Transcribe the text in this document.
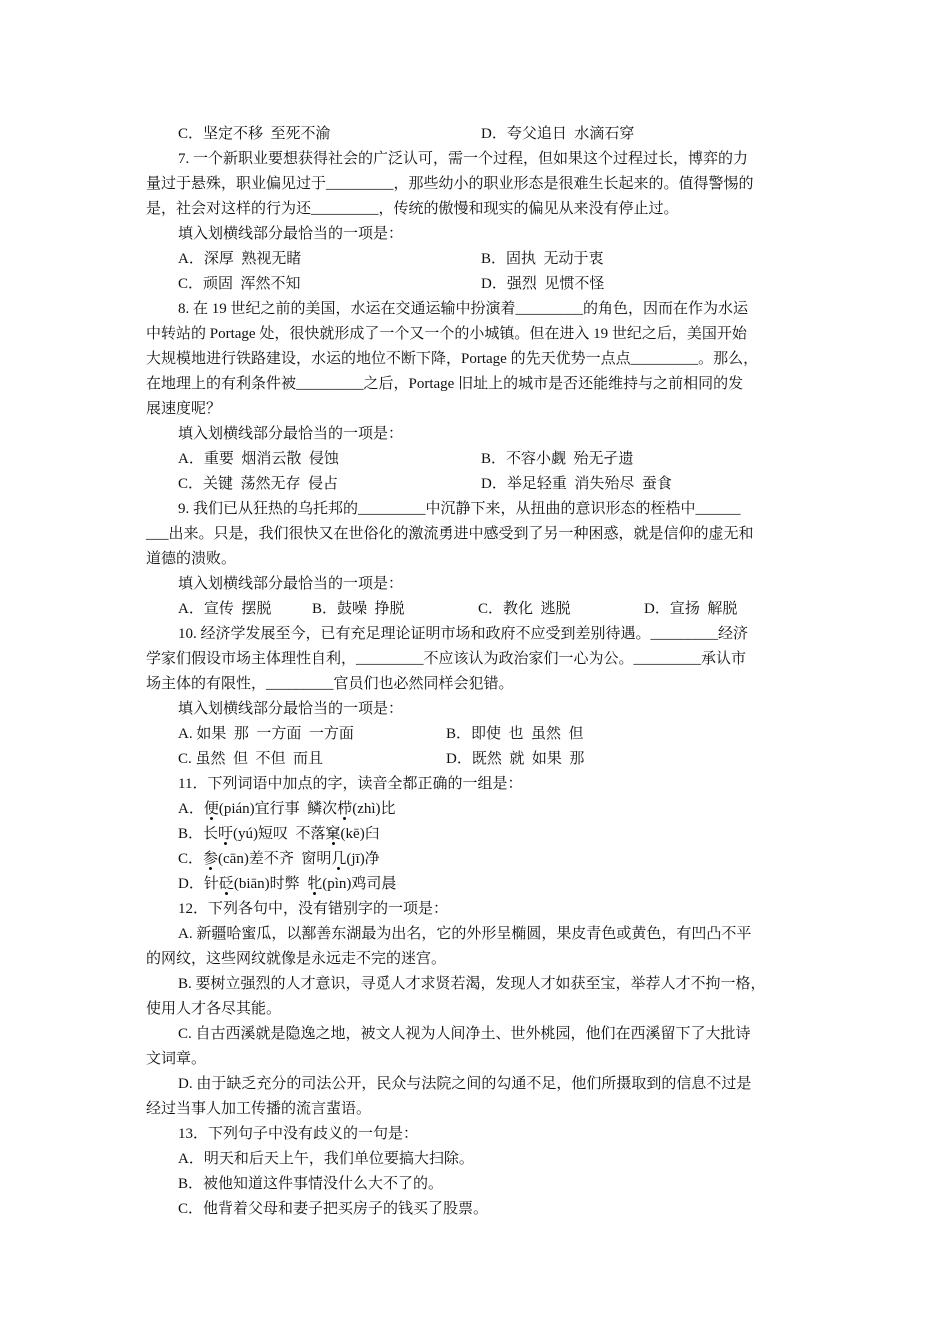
C．坚定不移  至死不渝	D．夸父追日  水滴石穿
7. 一个新职业要想获得社会的广泛认可，需一个过程，但如果这个过程过长，博弈的力
量过于悬殊，职业偏见过于_________，那些幼小的职业形态是很难生长起来的。值得警惕的
是，社会对这样的行为还_________，传统的傲慢和现实的偏见从来没有停止过。
填入划横线部分最恰当的一项是：
A．深厚  熟视无睹	B．固执  无动于衷
C．顽固  浑然不知	D．强烈  见惯不怪
8. 在 19 世纪之前的美国，水运在交通运输中扮演着_________的角色，因而在作为水运
中转站的 Portage 处，很快就形成了一个又一个的小城镇。但在进入 19 世纪之后，美国开始
大规模地进行铁路建设，水运的地位不断下降，Portage 的先天优势一点点_________。那么，
在地理上的有利条件被_________之后，Portage 旧址上的城市是否还能维持与之前相同的发
展速度呢？
填入划横线部分最恰当的一项是：
A．重要  烟消云散  侵蚀	B．不容小觑  殆无孑遗
C．关键  荡然无存  侵占	D．举足轻重  消失殆尽  蚕食
9. 我们已从狂热的乌托邦的_________中沉静下来，从扭曲的意识形态的桎梏中______
___出来。只是，我们很快又在世俗化的激流勇进中感受到了另一种困惑，就是信仰的虚无和
道德的溃败。
填入划横线部分最恰当的一项是：
A．宣传  摆脱	B．鼓噪  挣脱	C．教化  逃脱	D．宣扬  解脱
10. 经济学发展至今，已有充足理论证明市场和政府不应受到差别待遇。_________经济
学家们假设市场主体理性自利，_________不应该认为政治家们一心为公。_________承认市
场主体的有限性，_________官员们也必然同样会犯错。
填入划横线部分最恰当的一项是：
A. 如果  那  一方面  一方面	B．即使  也  虽然  但
C. 虽然  但  不但  而且	D．既然  就  如果  那
11．下列词语中加点的字，读音全都正确的一组是：
A．便(pián)宜行事  鳞次栉(zhì)比
B．长吁(yú)短叹  不落窠(kē)臼
C．参(cān)差不齐  窗明几(jī)净
D．针砭(biān)时弊  牝(pìn)鸡司晨
12．下列各句中，没有错别字的一项是：
A. 新疆哈蜜瓜，以鄯善东湖最为出名，它的外形呈椭圆，果皮青色或黄色，有凹凸不平
的网纹，这些网纹就像是永远走不完的迷宫。
B. 要树立强烈的人才意识，寻觅人才求贤若渴，发现人才如获至宝，举荐人才不拘一格，
使用人才各尽其能。
C. 自古西溪就是隐逸之地，被文人视为人间净土、世外桃园，他们在西溪留下了大批诗
文词章。
D. 由于缺乏充分的司法公开，民众与法院之间的勾通不足，他们所摄取到的信息不过是
经过当事人加工传播的流言蜚语。
13．下列句子中没有歧义的一句是：
A．明天和后天上午，我们单位要搞大扫除。
B．被他知道这件事情没什么大不了的。
C．他背着父母和妻子把买房子的钱买了股票。
